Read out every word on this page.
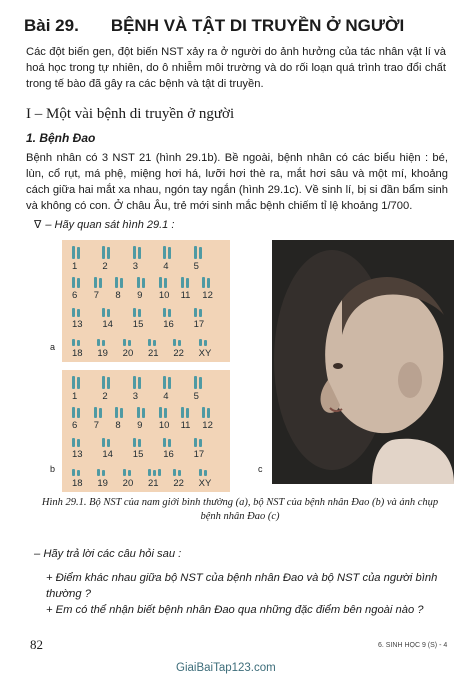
Bài 29. BỆNH VÀ TẬT DI TRUYỀN Ở NGƯỜI
Các đột biến gen, đột biến NST xảy ra ở người do ảnh hưởng của tác nhân vật lí và hoá học trong tự nhiên, do ô nhiễm môi trường và do rối loạn quá trình trao đổi chất trong tế bào đã gây ra các bệnh và tật di truyền.
I – Một vài bệnh di truyền ở người
1. Bệnh Đao
Bệnh nhân có 3 NST 21 (hình 29.1b). Bề ngoài, bệnh nhân có các biểu hiện : bé, lùn, cổ rụt, má phệ, miệng hơi há, lưỡi hơi thè ra, mắt hơi sâu và một mí, khoảng cách giữa hai mắt xa nhau, ngón tay ngắn (hình 29.1c). Về sinh lí, bị si đần bẩm sinh và không có con. Ở châu Âu, trẻ mới sinh mắc bệnh chiếm tỉ lệ khoảng 1/700.
∇ – Hãy quan sát hình 29.1 :
1	2	3	4	5
6 7 8 9 10 11 12
13 14 15 16 17
18 19 20 21 22 XY
a
1	2	3	4	5
6 7 8 9 10 11 12
13 14 15 16 17
18 19 20 21 22 XY
b	c
Hình 29.1. Bộ NST của nam giới bình thường (a), bộ NST của bệnh nhân Đao (b) và ảnh chụp bệnh nhân Đao (c)
– Hãy trả lời các câu hỏi sau :
+ Điểm khác nhau giữa bộ NST của bệnh nhân Đao và bộ NST của người bình thường ?
+ Em có thể nhận biết bệnh nhân Đao qua những đặc điểm bên ngoài nào ?
82	6. SINH HỌC 9 (S) - 4
GiaiBaiTap123.com
